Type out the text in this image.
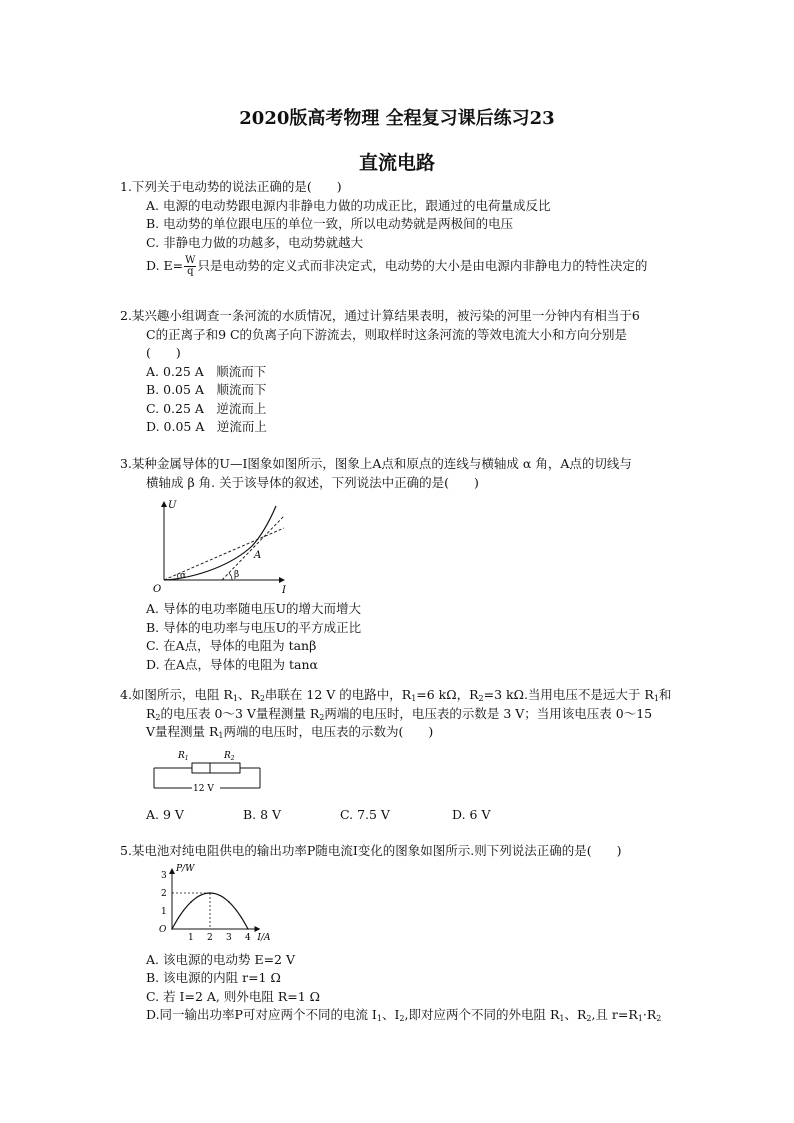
2020版高考物理 全程复习课后练习23
直流电路
1.下列关于电动势的说法正确的是(　　)
A. 电源的电动势跟电源内非静电力做的功成正比，跟通过的电荷量成反比
B. 电动势的单位跟电压的单位一致，所以电动势就是两极间的电压
C. 非静电力做的功越多，电动势就越大
D. $E= \frac{W}{q}$ 只是电动势的定义式而非决定式，电动势的大小是由电源内非静电力的特性决定的
2.某兴趣小组调查一条河流的水质情况，通过计算结果表明，被污染的河里一分钟内有相当于6
C的正离子和9 C的负离子向下游流去，则取样时这条河流的等效电流大小和方向分别是
(　　)
A. 0.25 A　顺流而下
B. 0.05 A　顺流而下
C. 0.25 A　逆流而上
D. 0.05 A　逆流而上
3.某种金属导体的U—I图象如图所示，图象上A点和原点的连线与横轴成 α 角，A点的切线与
横轴成 β 角. 关于该导体的叙述，下列说法中正确的是(　　)
U
I
O
A
α	β
A. 导体的电功率随电压U的增大而增大
B. 导体的电功率与电压U的平方成正比
C. 在A点，导体的电阻为 tanβ
D. 在A点，导体的电阻为 tanα
4.如图所示，电阻 $R_1$、$R_2$串联在 12 V 的电路中，$R_1=6$ kΩ，$R_2=3$ kΩ.当用电压不是远大于 $R_1$和
$R_2$的电压表 0～3 V量程测量 $R_2$两端的电压时，电压表的示数是 3 V；当用该电压表 0～15
V量程测量 $R_1$两端的电压时，电压表的示数为(　　)
$R_1$	$R_2$
12 V
A. 9 V	B. 8 V	C. 7.5 V	D. 6 V
5.某电池对纯电阻供电的输出功率P随电流I变化的图象如图所示.则下列说法正确的是(　　)
1 2 3 4
1
2
3
O
P/W
I/A
A. 该电源的电动势 E=2 V
B. 该电源的内阻 r=1 Ω
C. 若 I=2 A, 则外电阻 R=1 Ω
D.同一输出功率P可对应两个不同的电流 $I_1$、$I_2$,即对应两个不同的外电阻 $R_1$、$R_2$,且 $r=R_1\cdot R_2$
